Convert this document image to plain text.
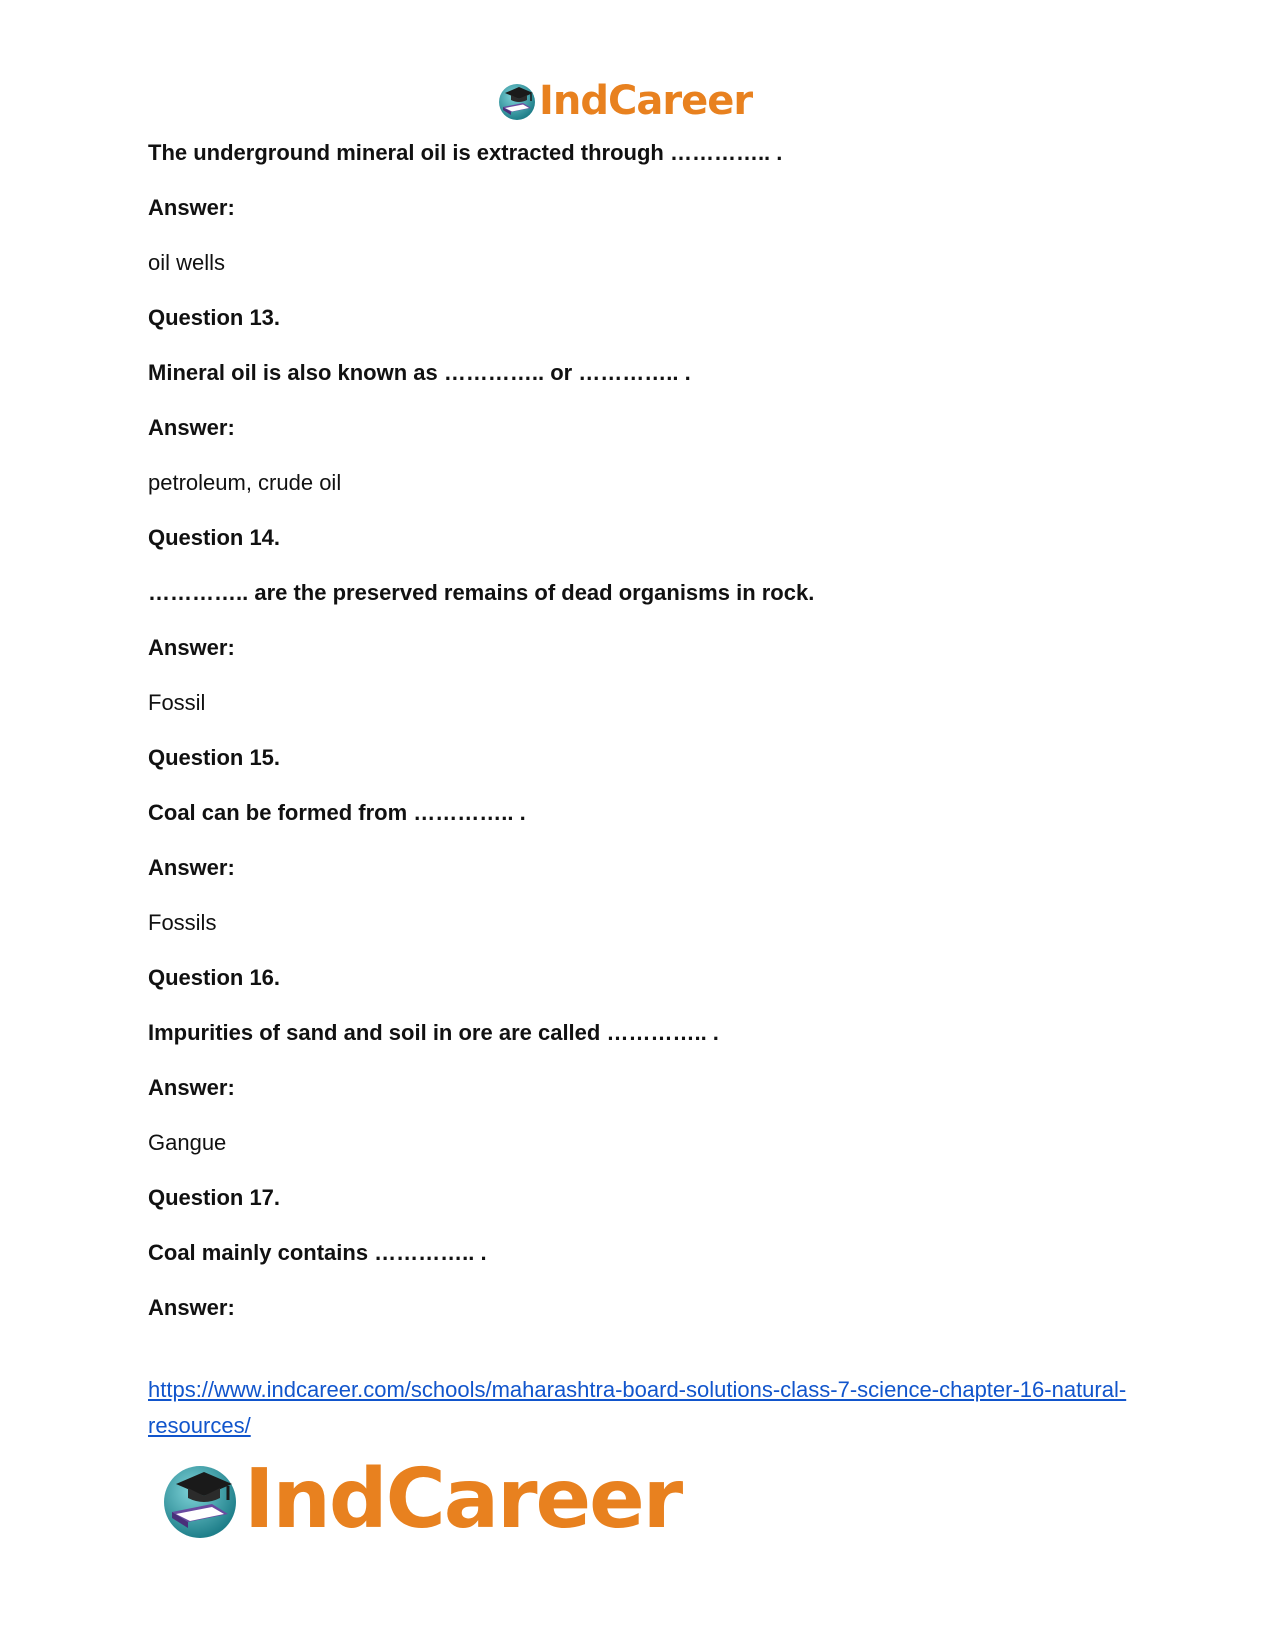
IndCareer
The underground mineral oil is extracted through ………….. .
Answer:
oil wells
Question 13.
Mineral oil is also known as ………….. or ………….. .
Answer:
petroleum, crude oil
Question 14.
………….. are the preserved remains of dead organisms in rock.
Answer:
Fossil
Question 15.
Coal can be formed from ………….. .
Answer:
Fossils
Question 16.
Impurities of sand and soil in ore are called ………….. .
Answer:
Gangue
Question 17.
Coal mainly contains ………….. .
Answer:
https://www.indcareer.com/schools/maharashtra-board-solutions-class-7-science-chapter-16-natural-resources/
IndCareer
